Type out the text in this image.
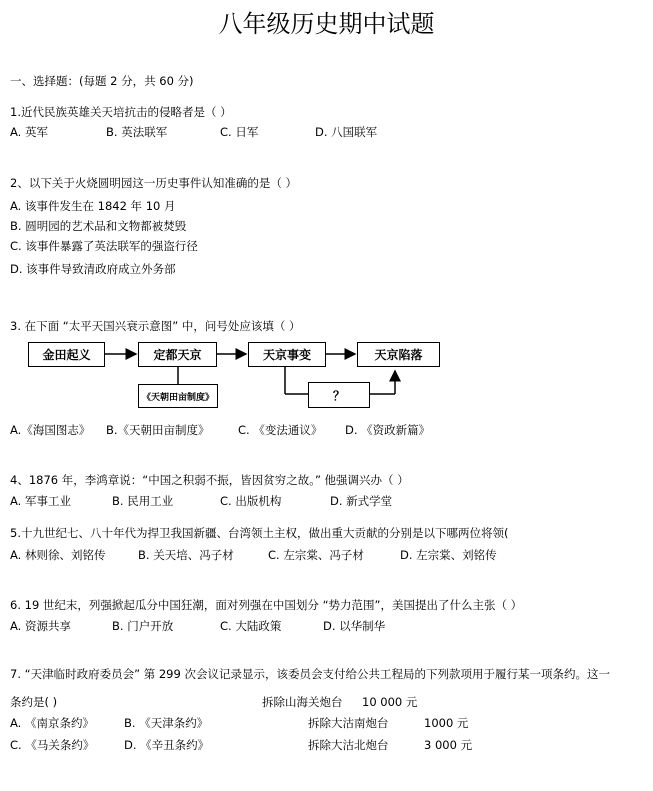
八年级历史期中试题
一、选择题：(每题 2 分，共 60 分)
1.近代民族英雄关天培抗击的侵略者是（ ）
A. 英军	B. 英法联军	C. 日军	D. 八国联军
2、以下关于火烧圆明园这一历史事件认知准确的是（ ）
A. 该事件发生在 1842 年 10 月
B. 圆明园的艺术品和文物都被焚毁
C. 该事件暴露了英法联军的强盗行径
D. 该事件导致清政府成立外务部
3. 在下面 “太平天国兴衰示意图” 中，问号处应该填（ ）
金田起义	定都天京	天京事变	天京陷落
《天朝田亩制度》	？
A.《海国图志》 B.《天朝田亩制度》 C. 《变法通议》 D. 《资政新篇》
4、1876 年，李鸿章说：“中国之积弱不振，皆因贫穷之故。” 他强调兴办（ ）
A. 军事工业	B. 民用工业	C. 出版机构	D. 新式学堂
5.十九世纪七、八十年代为捍卫我国新疆、台湾领土主权，做出重大贡献的分别是以下哪两位将领(
A. 林则徐、刘铭传	B. 关天培、冯子材	C. 左宗棠、冯子材	D. 左宗棠、刘铭传
6. 19 世纪末，列强掀起瓜分中国狂潮，面对列强在中国划分 “势力范围”，美国提出了什么主张（ ）
A. 资源共享	B. 门户开放	C. 大陆政策	D. 以华制华
7. “天津临时政府委员会” 第 299 次会议记录显示，该委员会支付给公共工程局的下列款项用于履行某一项条约。这一
条约是( )
A. 《南京条约》	B. 《天津条约》
C. 《马关条约》	D. 《辛丑条约》
拆除山海关炮台 10 000 元
拆除大沽南炮台	1000 元
拆除大沽北炮台	3 000 元
